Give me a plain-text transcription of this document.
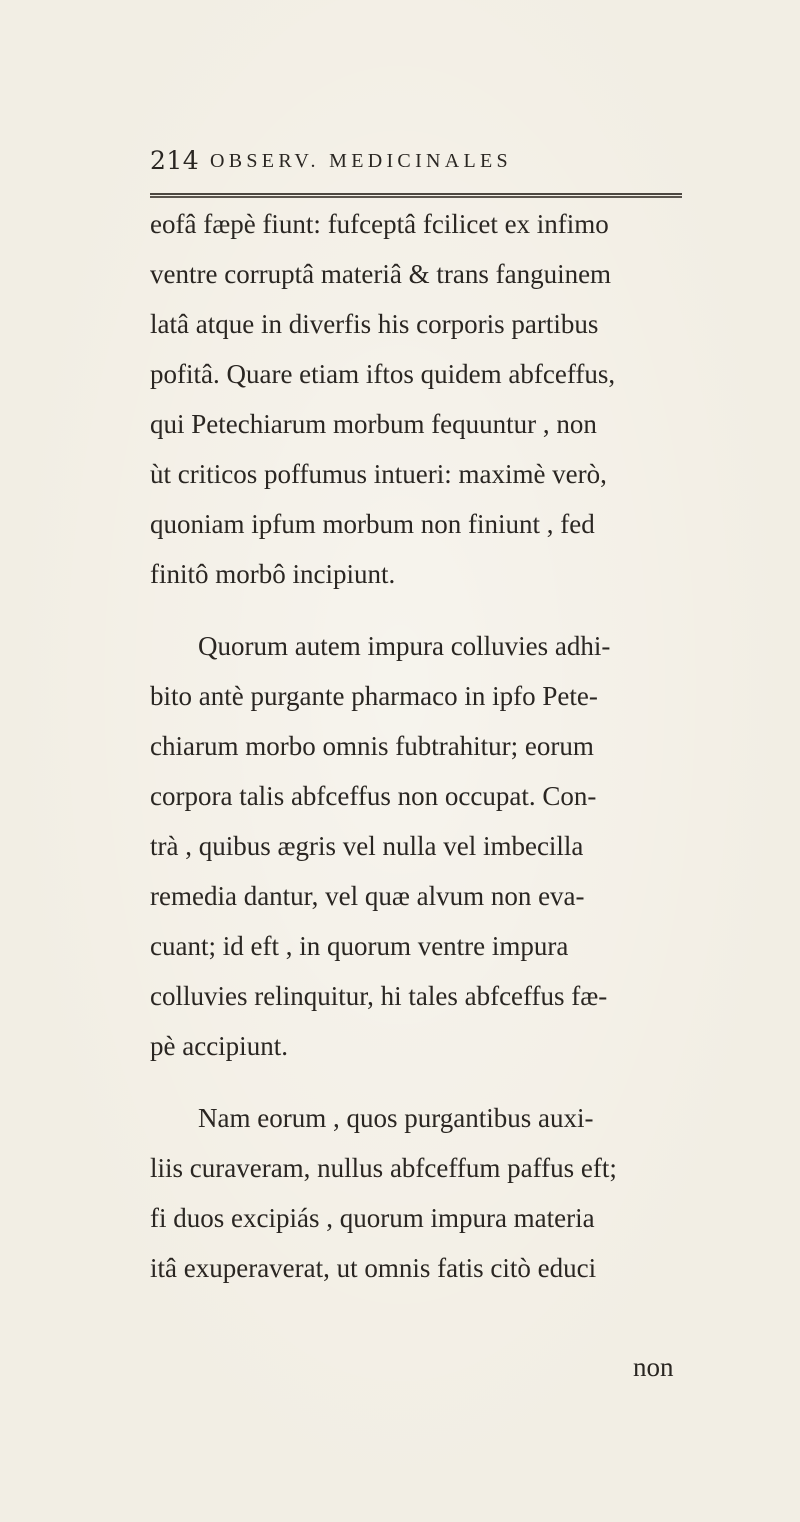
214 OBSERV. MEDICINALES
eofâ fæpè fiunt: fufceptâ fcilicet ex infimo
ventre corruptâ materiâ & trans fanguinem
latâ atque in diverfis his corporis partibus
pofitâ. Quare etiam iftos quidem abfceffus,
qui Petechiarum morbum fequuntur , non
ùt criticos poffumus intueri: maximè verò,
quoniam ipfum morbum non finiunt , fed
finitô morbô incipiunt.
Quorum autem impura colluvies adhi-
bito antè purgante pharmaco in ipfo Pete-
chiarum morbo omnis fubtrahitur; eorum
corpora talis abfceffus non occupat. Con-
trà , quibus ægris vel nulla vel imbecilla
remedia dantur, vel quæ alvum non eva-
cuant; id eft , in quorum ventre impura
colluvies relinquitur, hi tales abfceffus fæ-
pè accipiunt.
Nam eorum , quos purgantibus auxi-
liis curaveram, nullus abfceffum paffus eft;
fi duos excipiás , quorum impura materia
itâ exuperaverat, ut omnis fatis citò educi
non
